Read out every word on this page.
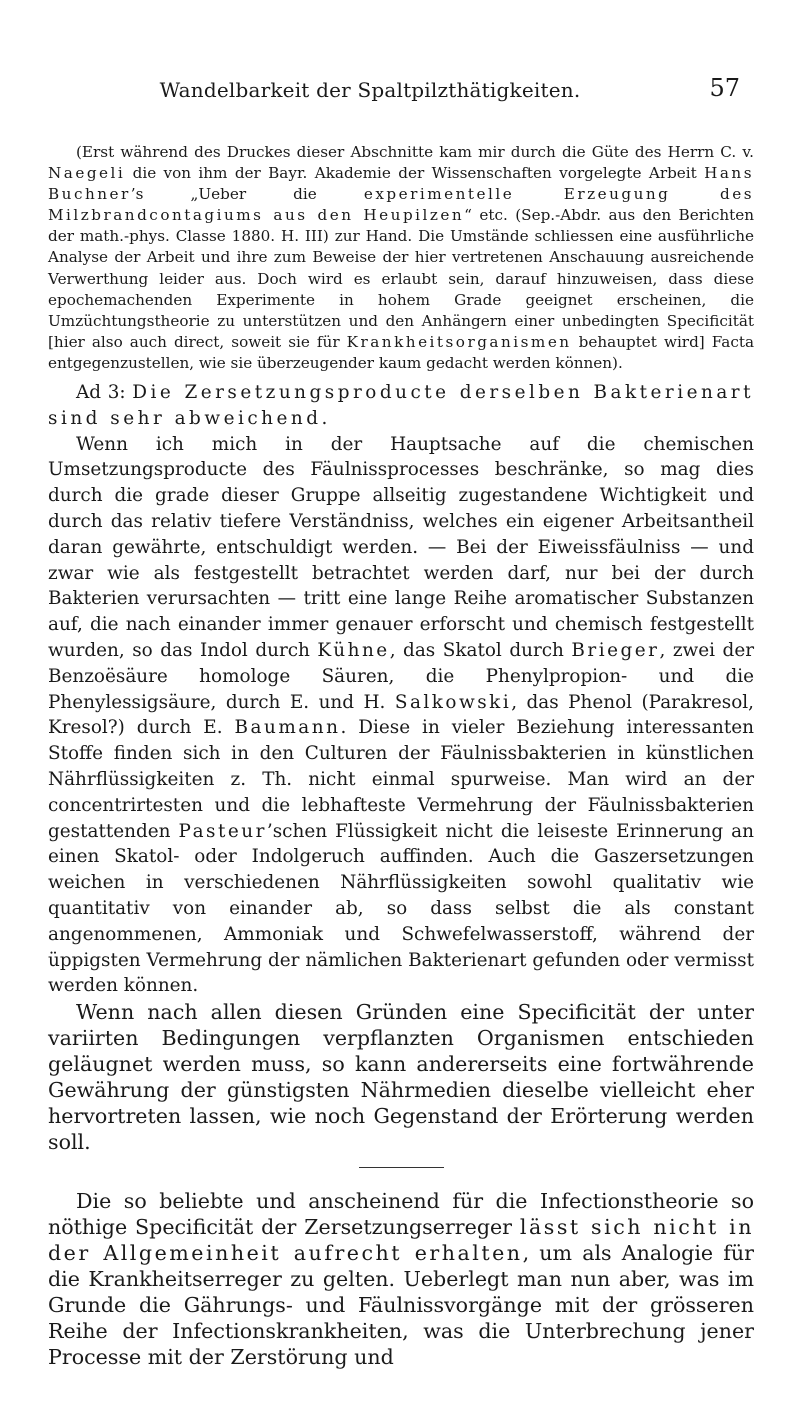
Wandelbarkeit der Spaltpilzthätigkeiten.	57

(Erst während des Druckes dieser Abschnitte kam mir durch die Güte des Herrn C. v. Naegeli die von ihm der Bayr. Akademie der Wissenschaften vorgelegte Arbeit Hans Buchner’s „Ueber die experimentelle Erzeugung des Milzbrandcontagiums aus den Heupilzen“ etc. (Sep.-Abdr. aus den Berichten der math.-phys. Classe 1880. H. III) zur Hand. Die Umstände schliessen eine ausführliche Analyse der Arbeit und ihre zum Beweise der hier vertretenen Anschauung ausreichende Verwerthung leider aus. Doch wird es erlaubt sein, darauf hinzuweisen, dass diese epochemachenden Experimente in hohem Grade geeignet erscheinen, die Umzüchtungstheorie zu unterstützen und den Anhängern einer unbedingten Specificität [hier also auch direct, soweit sie für Krankheitsorganismen behauptet wird] Facta entgegenzustellen, wie sie überzeugender kaum gedacht werden können).

Ad 3: Die Zersetzungsproducte derselben Bakterienart sind sehr abweichend.

Wenn ich mich in der Hauptsache auf die chemischen Umsetzungsproducte des Fäulnissprocesses beschränke, so mag dies durch die grade dieser Gruppe allseitig zugestandene Wichtigkeit und durch das relativ tiefere Verständniss, welches ein eigener Arbeitsantheil daran gewährte, entschuldigt werden. — Bei der Eiweissfäulniss — und zwar wie als festgestellt betrachtet werden darf, nur bei der durch Bakterien verursachten — tritt eine lange Reihe aromatischer Substanzen auf, die nach einander immer genauer erforscht und chemisch festgestellt wurden, so das Indol durch Kühne, das Skatol durch Brieger, zwei der Benzoësäure homologe Säuren, die Phenylpropion- und die Phenylessigsäure, durch E. und H. Salkowski, das Phenol (Parakresol, Kresol?) durch E. Baumann. Diese in vieler Beziehung interessanten Stoffe finden sich in den Culturen der Fäulnissbakterien in künstlichen Nährflüssigkeiten z. Th. nicht einmal spurweise. Man wird an der concentrirtesten und die lebhafteste Vermehrung der Fäulnissbakterien gestattenden Pasteur’schen Flüssigkeit nicht die leiseste Erinnerung an einen Skatol- oder Indolgeruch auffinden. Auch die Gaszersetzungen weichen in verschiedenen Nährflüssigkeiten sowohl qualitativ wie quantitativ von einander ab, so dass selbst die als constant angenommenen, Ammoniak und Schwefelwasserstoff, während der üppigsten Vermehrung der nämlichen Bakterienart gefunden oder vermisst werden können.

Wenn nach allen diesen Gründen eine Specificität der unter variirten Bedingungen verpflanzten Organismen entschieden geläugnet werden muss, so kann andererseits eine fortwährende Gewährung der günstigsten Nährmedien dieselbe vielleicht eher hervortreten lassen, wie noch Gegenstand der Erörterung werden soll.

Die so beliebte und anscheinend für die Infectionstheorie so nöthige Specificität der Zersetzungserreger lässt sich nicht in der Allgemeinheit aufrecht erhalten, um als Analogie für die Krankheitserreger zu gelten. Ueberlegt man nun aber, was im Grunde die Gährungs- und Fäulnissvorgänge mit der grösseren Reihe der Infectionskrankheiten, was die Unterbrechung jener Processe mit der Zerstörung und
